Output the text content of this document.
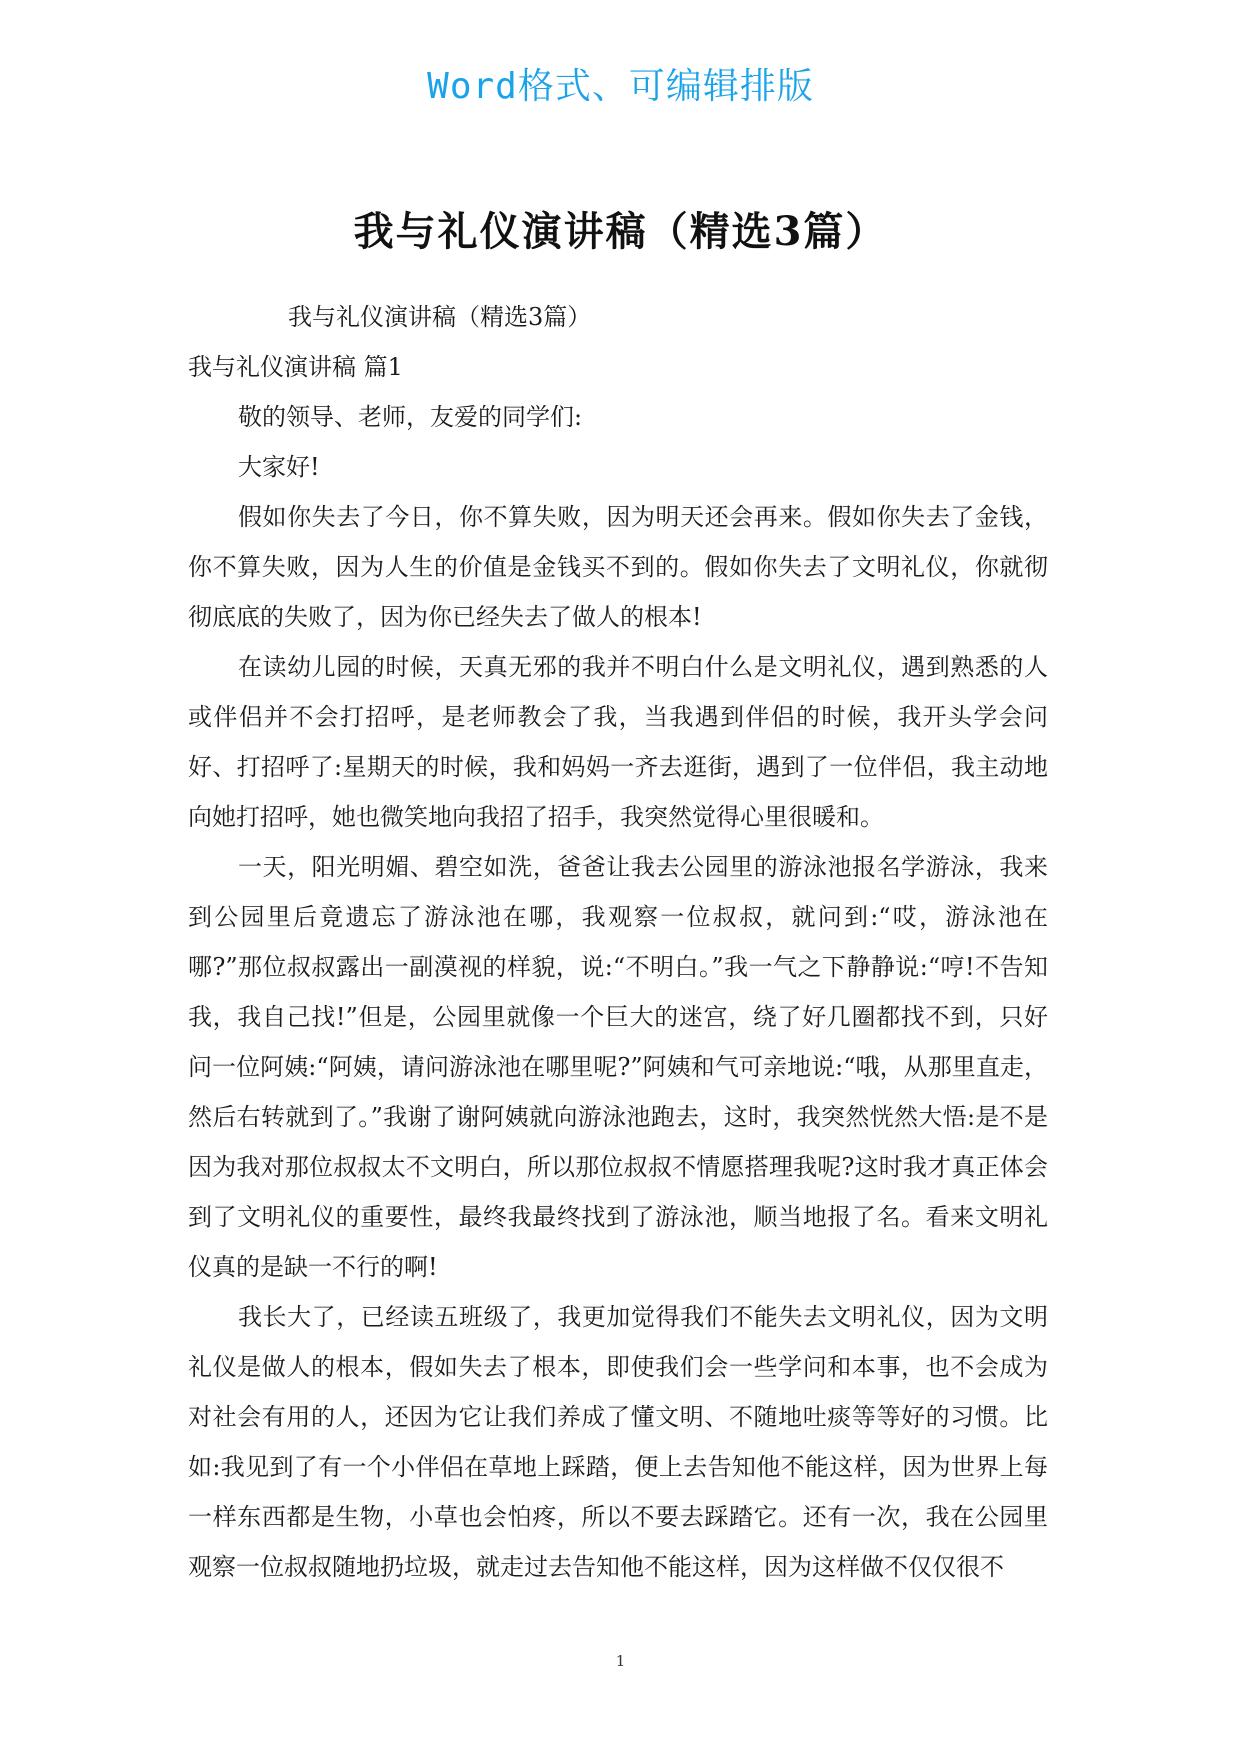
Word格式、可编辑排版
我与礼仪演讲稿（精选3篇）

我与礼仪演讲稿（精选3篇）

我与礼仪演讲稿 篇1

敬的领导、老师，友爱的同学们:

大家好!

假如你失去了今日，你不算失败，因为明天还会再来。假如你失去了金钱，你不算失败，因为人生的价值是金钱买不到的。假如你失去了文明礼仪，你就彻彻底底的失败了，因为你已经失去了做人的根本!

在读幼儿园的时候，天真无邪的我并不明白什么是文明礼仪，遇到熟悉的人或伴侣并不会打招呼，是老师教会了我，当我遇到伴侣的时候，我开头学会问好、打招呼了:星期天的时候，我和妈妈一齐去逛街，遇到了一位伴侣，我主动地向她打招呼，她也微笑地向我招了招手，我突然觉得心里很暖和。

一天，阳光明媚、碧空如洗，爸爸让我去公园里的游泳池报名学游泳，我来到公园里后竟遗忘了游泳池在哪，我观察一位叔叔，就问到:“哎，游泳池在哪?”那位叔叔露出一副漠视的样貌，说:“不明白。”我一气之下静静说:“哼!不告知我，我自己找!”但是，公园里就像一个巨大的迷宫，绕了好几圈都找不到，只好问一位阿姨:“阿姨，请问游泳池在哪里呢?”阿姨和气可亲地说:“哦，从那里直走，然后右转就到了。”我谢了谢阿姨就向游泳池跑去，这时，我突然恍然大悟:是不是因为我对那位叔叔太不文明白，所以那位叔叔不情愿搭理我呢?这时我才真正体会到了文明礼仪的重要性，最终我最终找到了游泳池，顺当地报了名。看来文明礼仪真的是缺一不行的啊!

我长大了，已经读五班级了，我更加觉得我们不能失去文明礼仪，因为文明礼仪是做人的根本，假如失去了根本，即使我们会一些学问和本事，也不会成为对社会有用的人，还因为它让我们养成了懂文明、不随地吐痰等等好的习惯。比如:我见到了有一个小伴侣在草地上踩踏，便上去告知他不能这样，因为世界上每一样东西都是生物，小草也会怕疼，所以不要去踩踏它。还有一次，我在公园里观察一位叔叔随地扔垃圾，就走过去告知他不能这样，因为这样做不仅仅很不

1
